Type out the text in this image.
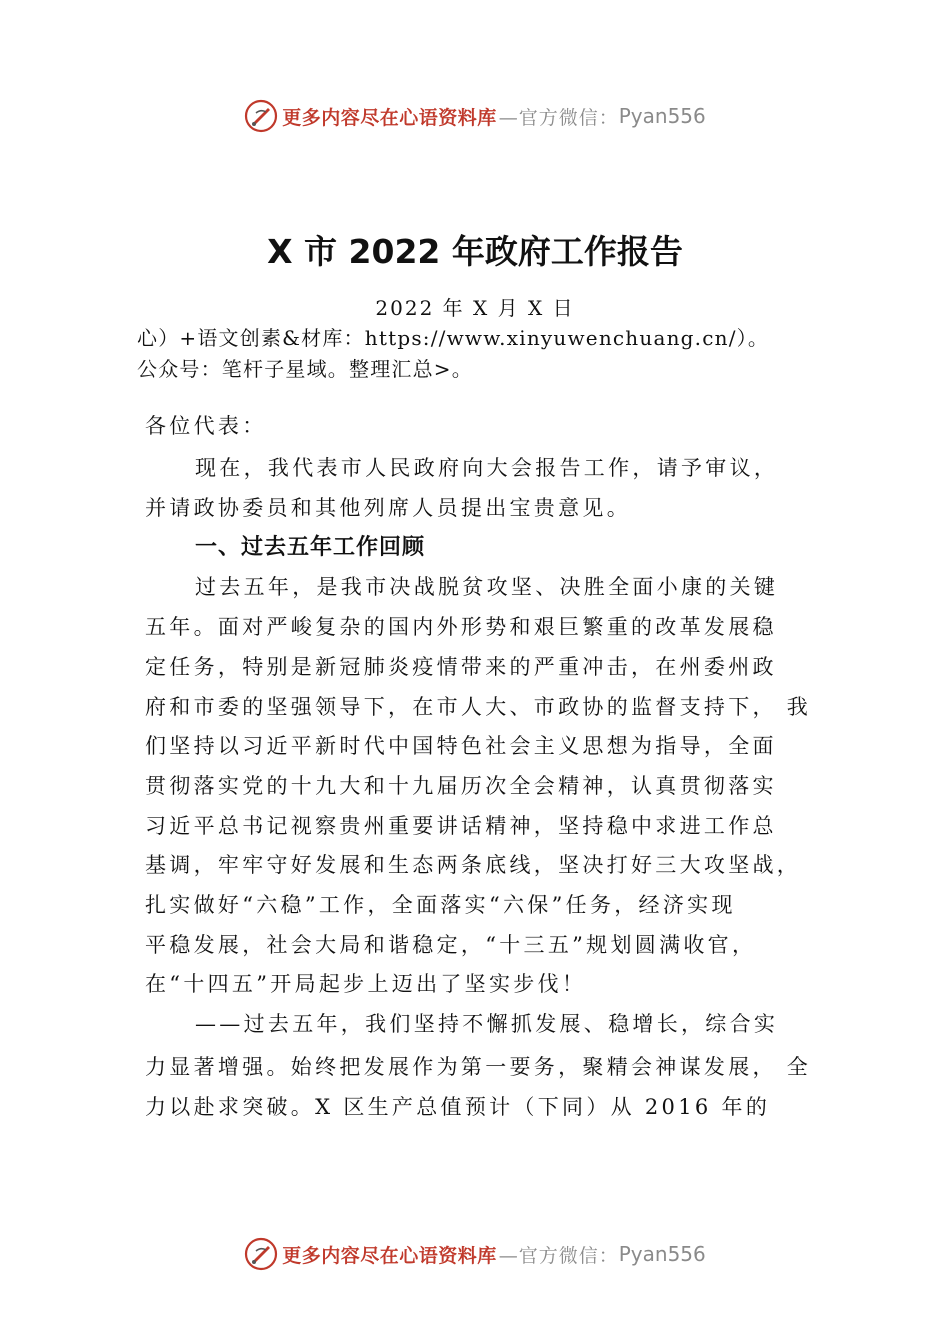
更多内容尽在心语资料库 —官方微信： Pyan556
X 市 2022 年政府工作报告
2022 年 X 月 X 日
心）+语文创素&材库：https://www.xinyuwenchuang.cn/）。
公众号：笔杆子星域。整理汇总>。
各位代表：
现在，我代表市人民政府向大会报告工作，请予审议，
并请政协委员和其他列席人员提出宝贵意见。
一、过去五年工作回顾
过去五年，是我市决战脱贫攻坚、决胜全面小康的关键
五年。面对严峻复杂的国内外形势和艰巨繁重的改革发展稳
定任务，特别是新冠肺炎疫情带来的严重冲击，在州委州政
府和市委的坚强领导下，在市人大、市政协的监督支持下， 我
们坚持以习近平新时代中国特色社会主义思想为指导，全面
贯彻落实党的十九大和十九届历次全会精神，认真贯彻落实
习近平总书记视察贵州重要讲话精神，坚持稳中求进工作总
基调，牢牢守好发展和生态两条底线，坚决打好三大攻坚战，
扎实做好“六稳”工作，全面落实“六保”任务，经济实现
平稳发展，社会大局和谐稳定，“十三五”规划圆满收官，
在“十四五”开局起步上迈出了坚实步伐！
——过去五年，我们坚持不懈抓发展、稳增长，综合实
力显著增强。始终把发展作为第一要务，聚精会神谋发展， 全
力以赴求突破。X 区生产总值预计（下同）从 2016 年的
更多内容尽在心语资料库 —官方微信： Pyan556
